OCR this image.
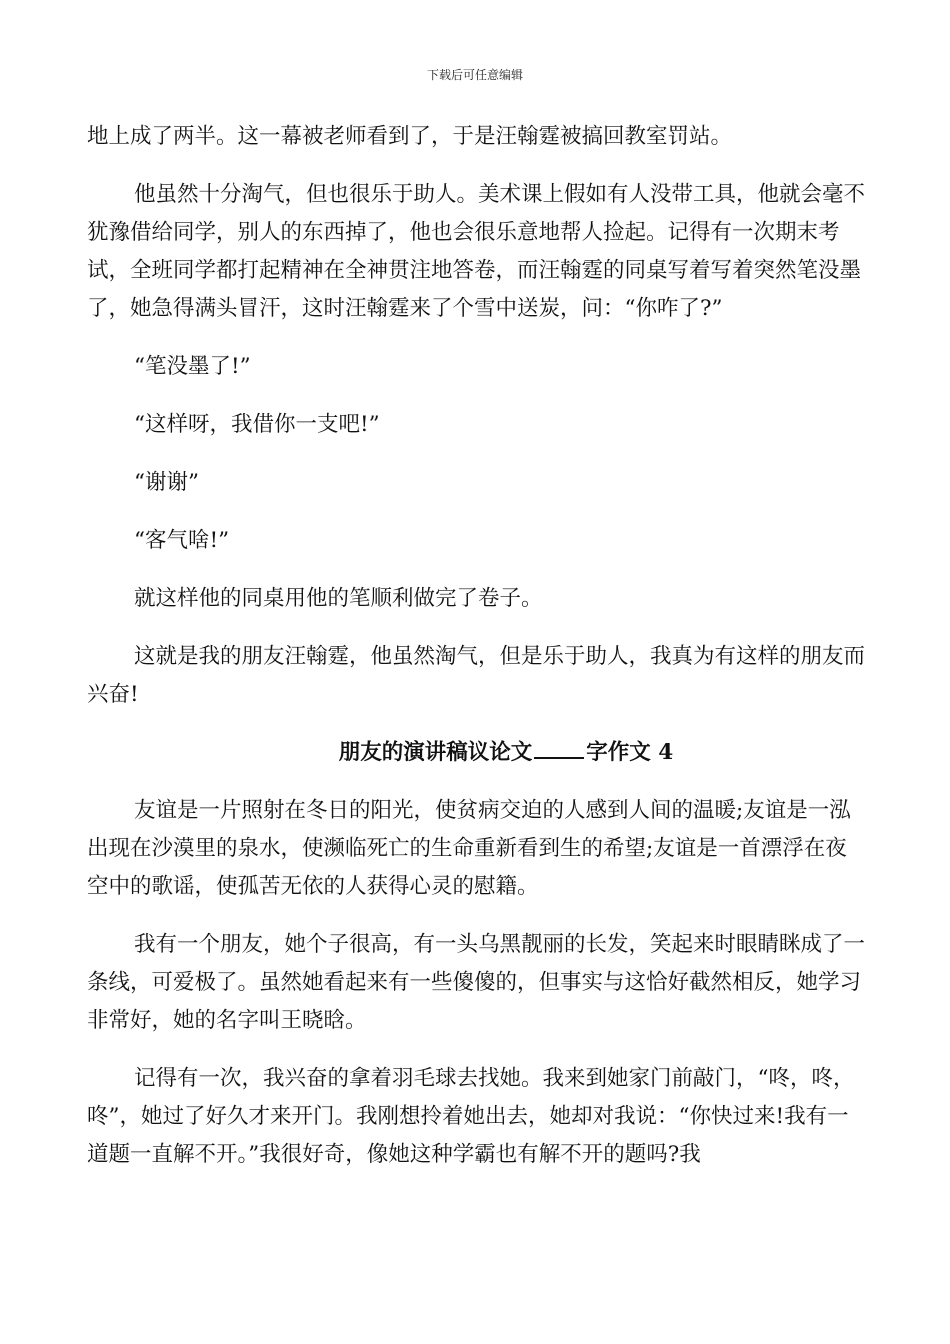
下载后可任意编辑

地上成了两半。这一幕被老师看到了，于是汪翰霆被搞回教室罚站。

他虽然十分淘气，但也很乐于助人。美术课上假如有人没带工具，他就会毫不犹豫借给同学，别人的东西掉了，他也会很乐意地帮人捡起。记得有一次期末考试，全班同学都打起精神在全神贯注地答卷，而汪翰霆的同桌写着写着突然笔没墨了，她急得满头冒汗，这时汪翰霆来了个雪中送炭，问：“你咋了?”

“笔没墨了!”

“这样呀，我借你一支吧!”

“谢谢”

“客气啥!”

就这样他的同桌用他的笔顺利做完了卷子。

这就是我的朋友汪翰霆，他虽然淘气，但是乐于助人，我真为有这样的朋友而兴奋!

朋友的演讲稿议论文	字作文 4

友谊是一片照射在冬日的阳光，使贫病交迫的人感到人间的温暖;友谊是一泓出现在沙漠里的泉水，使濒临死亡的生命重新看到生的希望;友谊是一首漂浮在夜空中的歌谣，使孤苦无依的人获得心灵的慰籍。

我有一个朋友，她个子很高，有一头乌黑靓丽的长发，笑起来时眼睛眯成了一条线，可爱极了。虽然她看起来有一些傻傻的，但事实与这恰好截然相反，她学习非常好，她的名字叫王晓晗。

记得有一次，我兴奋的拿着羽毛球去找她。我来到她家门前敲门，“咚，咚，咚”，她过了好久才来开门。我刚想拎着她出去，她却对我说：“你快过来!我有一道题一直解不开。”我很好奇，像她这种学霸也有解不开的题吗?我
